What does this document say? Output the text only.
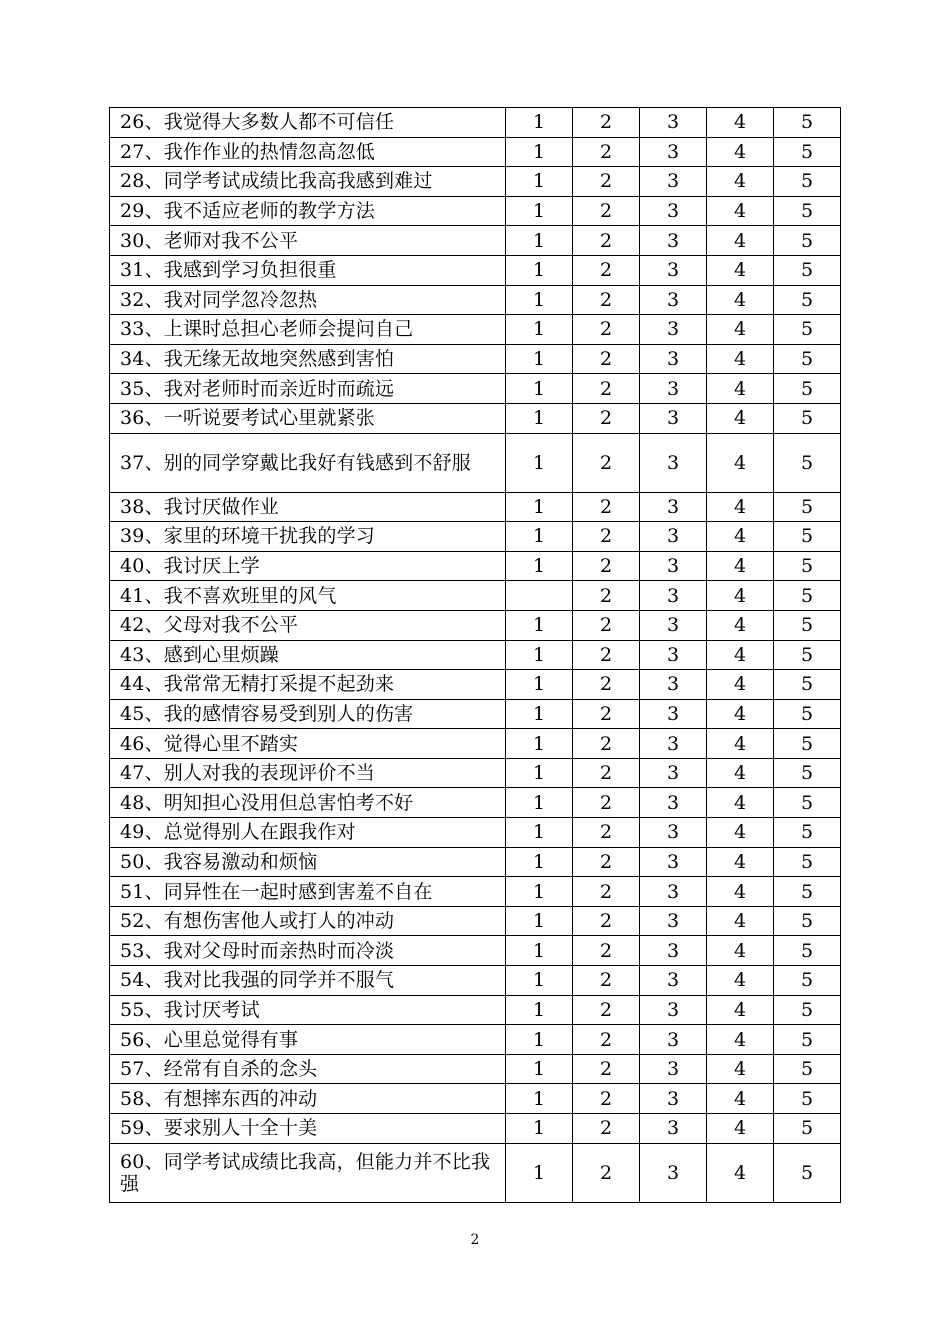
26、我觉得大多数人都不可信任	1	2	3	4	5
27、我作作业的热情忽高忽低	1	2	3	4	5
28、同学考试成绩比我高我感到难过	1	2	3	4	5
29、我不适应老师的教学方法	1	2	3	4	5
30、老师对我不公平	1	2	3	4	5
31、我感到学习负担很重	1	2	3	4	5
32、我对同学忽冷忽热	1	2	3	4	5
33、上课时总担心老师会提问自己	1	2	3	4	5
34、我无缘无故地突然感到害怕	1	2	3	4	5
35、我对老师时而亲近时而疏远	1	2	3	4	5
36、一听说要考试心里就紧张	1	2	3	4	5
37、别的同学穿戴比我好有钱感到不舒服	1	2	3	4	5
38、我讨厌做作业	1	2	3	4	5
39、家里的环境干扰我的学习	1	2	3	4	5
40、我讨厌上学	1	2	3	4	5
41、我不喜欢班里的风气		2	3	4	5
42、父母对我不公平	1	2	3	4	5
43、感到心里烦躁	1	2	3	4	5
44、我常常无精打采提不起劲来	1	2	3	4	5
45、我的感情容易受到别人的伤害	1	2	3	4	5
46、觉得心里不踏实	1	2	3	4	5
47、别人对我的表现评价不当	1	2	3	4	5
48、明知担心没用但总害怕考不好	1	2	3	4	5
49、总觉得别人在跟我作对	1	2	3	4	5
50、我容易激动和烦恼	1	2	3	4	5
51、同异性在一起时感到害羞不自在	1	2	3	4	5
52、有想伤害他人或打人的冲动	1	2	3	4	5
53、我对父母时而亲热时而冷淡	1	2	3	4	5
54、我对比我强的同学并不服气	1	2	3	4	5
55、我讨厌考试	1	2	3	4	5
56、心里总觉得有事	1	2	3	4	5
57、经常有自杀的念头	1	2	3	4	5
58、有想摔东西的冲动	1	2	3	4	5
59、要求别人十全十美	1	2	3	4	5
60、同学考试成绩比我高，但能力并不比我强	1	2	3	4	5
2
